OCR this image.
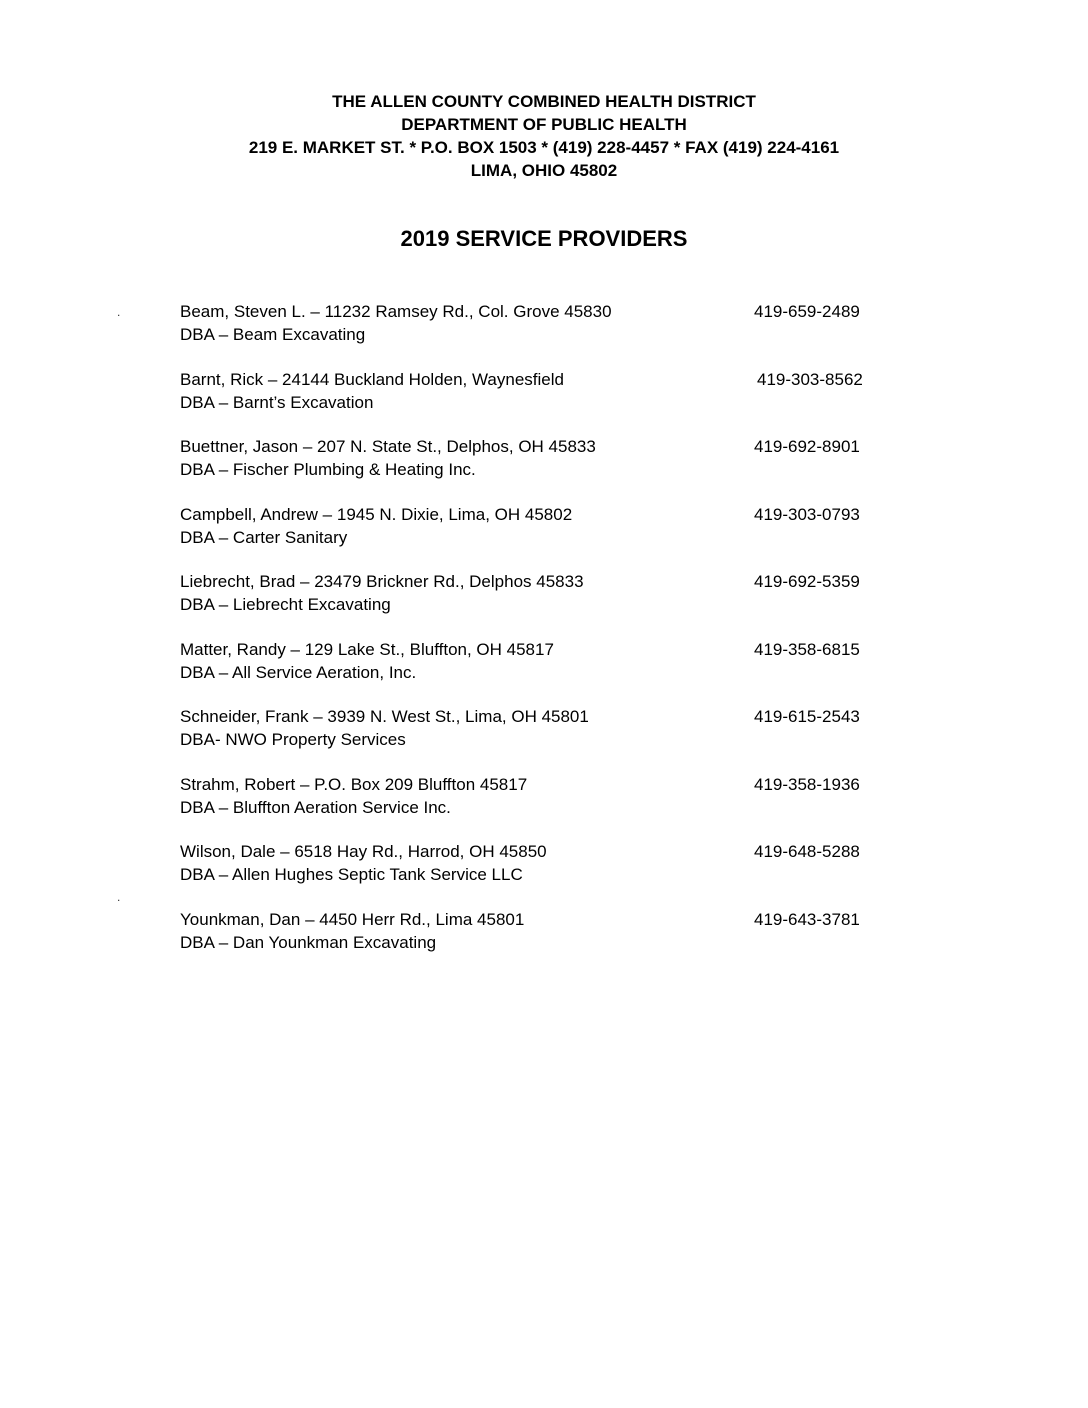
THE ALLEN COUNTY COMBINED HEALTH DISTRICT
DEPARTMENT OF PUBLIC HEALTH
219 E. MARKET ST. * P.O. BOX 1503 * (419) 228-4457 * FAX (419) 224-4161
LIMA, OHIO 45802
2019 SERVICE PROVIDERS
.
.
Beam, Steven L. – 11232 Ramsey Rd., Col. Grove 45830
DBA – Beam Excavating
419-659-2489
Barnt, Rick – 24144 Buckland Holden, Waynesfield
DBA – Barnt’s Excavation
419-303-8562
Buettner, Jason – 207 N. State St., Delphos, OH 45833
DBA – Fischer Plumbing & Heating Inc.
419-692-8901
Campbell, Andrew – 1945 N. Dixie, Lima, OH 45802
DBA – Carter Sanitary
419-303-0793
Liebrecht, Brad – 23479 Brickner Rd., Delphos 45833
DBA – Liebrecht Excavating
419-692-5359
Matter, Randy – 129 Lake St., Bluffton, OH 45817
DBA – All Service Aeration, Inc.
419-358-6815
Schneider, Frank – 3939 N. West St., Lima, OH 45801
DBA- NWO Property Services
419-615-2543
Strahm, Robert – P.O. Box 209 Bluffton 45817
DBA – Bluffton Aeration Service Inc.
419-358-1936
Wilson, Dale – 6518 Hay Rd., Harrod, OH 45850
DBA – Allen Hughes Septic Tank Service LLC
419-648-5288
Younkman, Dan – 4450 Herr Rd., Lima 45801
DBA – Dan Younkman Excavating
419-643-3781
